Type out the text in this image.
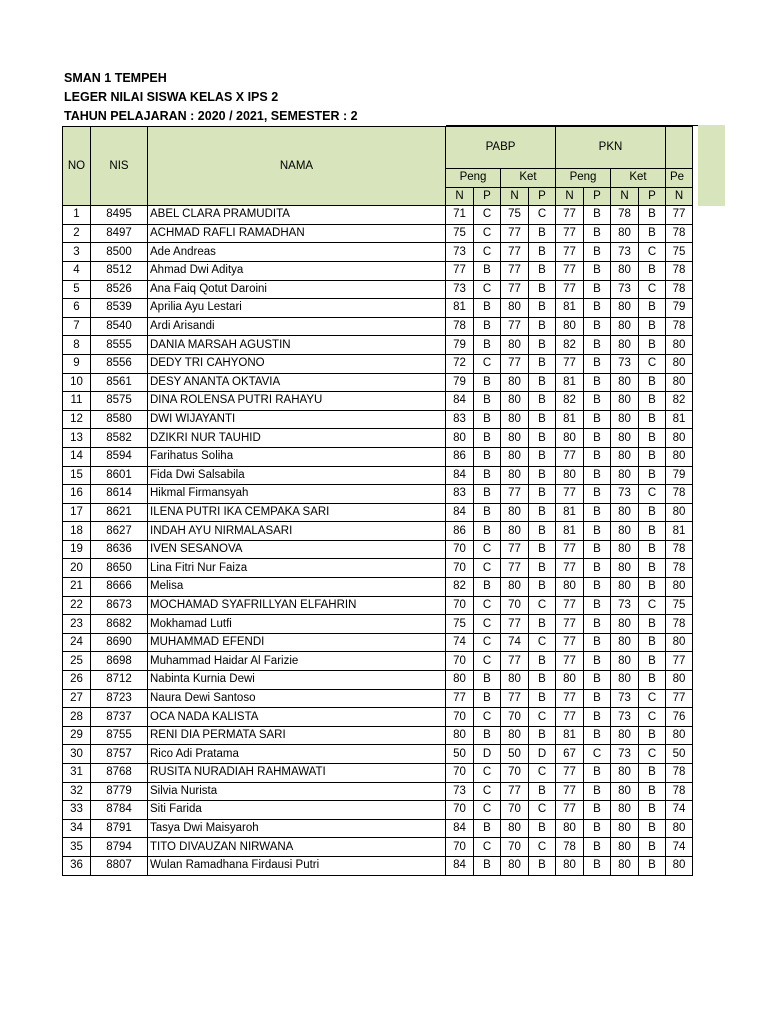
SMAN 1 TEMPEH
LEGER NILAI SISWA KELAS X IPS 2
TAHUN PELAJARAN : 2020 / 2021, SEMESTER : 2
NO	NIS	NAMA	PABP				PKN				
			Peng		Ket		Peng		Ket		Pe
			N	P	N	P	N	P	N	P	N
1	8495	ABEL CLARA PRAMUDITA	71	C	75	C	77	B	78	B	77
2	8497	ACHMAD RAFLI RAMADHAN	75	C	77	B	77	B	80	B	78
3	8500	Ade Andreas	73	C	77	B	77	B	73	C	75
4	8512	Ahmad Dwi Aditya	77	B	77	B	77	B	80	B	78
5	8526	Ana Faiq Qotut Daroini	73	C	77	B	77	B	73	C	78
6	8539	Aprilia Ayu Lestari	81	B	80	B	81	B	80	B	79
7	8540	Ardi Arisandi	78	B	77	B	80	B	80	B	78
8	8555	DANIA MARSAH AGUSTIN	79	B	80	B	82	B	80	B	80
9	8556	DEDY TRI CAHYONO	72	C	77	B	77	B	73	C	80
10	8561	DESY ANANTA OKTAVIA	79	B	80	B	81	B	80	B	80
11	8575	DINA ROLENSA PUTRI RAHAYU	84	B	80	B	82	B	80	B	82
12	8580	DWI WIJAYANTI	83	B	80	B	81	B	80	B	81
13	8582	DZIKRI NUR TAUHID	80	B	80	B	80	B	80	B	80
14	8594	Farihatus Soliha	86	B	80	B	77	B	80	B	80
15	8601	Fida Dwi Salsabila	84	B	80	B	80	B	80	B	79
16	8614	Hikmal Firmansyah	83	B	77	B	77	B	73	C	78
17	8621	ILENA PUTRI IKA CEMPAKA SARI	84	B	80	B	81	B	80	B	80
18	8627	INDAH AYU NIRMALASARI	86	B	80	B	81	B	80	B	81
19	8636	IVEN SESANOVA	70	C	77	B	77	B	80	B	78
20	8650	Lina Fitri Nur Faiza	70	C	77	B	77	B	80	B	78
21	8666	Melisa	82	B	80	B	80	B	80	B	80
22	8673	MOCHAMAD SYAFRILLYAN ELFAHRIN	70	C	70	C	77	B	73	C	75
23	8682	Mokhamad Lutfi	75	C	77	B	77	B	80	B	78
24	8690	MUHAMMAD EFENDI	74	C	74	C	77	B	80	B	80
25	8698	Muhammad Haidar Al Farizie	70	C	77	B	77	B	80	B	77
26	8712	Nabinta Kurnia Dewi	80	B	80	B	80	B	80	B	80
27	8723	Naura Dewi Santoso	77	B	77	B	77	B	73	C	77
28	8737	OCA NADA KALISTA	70	C	70	C	77	B	73	C	76
29	8755	RENI DIA PERMATA SARI	80	B	80	B	81	B	80	B	80
30	8757	Rico Adi Pratama	50	D	50	D	67	C	73	C	50
31	8768	RUSITA NURADIAH RAHMAWATI	70	C	70	C	77	B	80	B	78
32	8779	Silvia Nurista	73	C	77	B	77	B	80	B	78
33	8784	Siti Farida	70	C	70	C	77	B	80	B	74
34	8791	Tasya Dwi Maisyaroh	84	B	80	B	80	B	80	B	80
35	8794	TITO DIVAUZAN NIRWANA	70	C	70	C	78	B	80	B	74
36	8807	Wulan Ramadhana Firdausi Putri	84	B	80	B	80	B	80	B	80
